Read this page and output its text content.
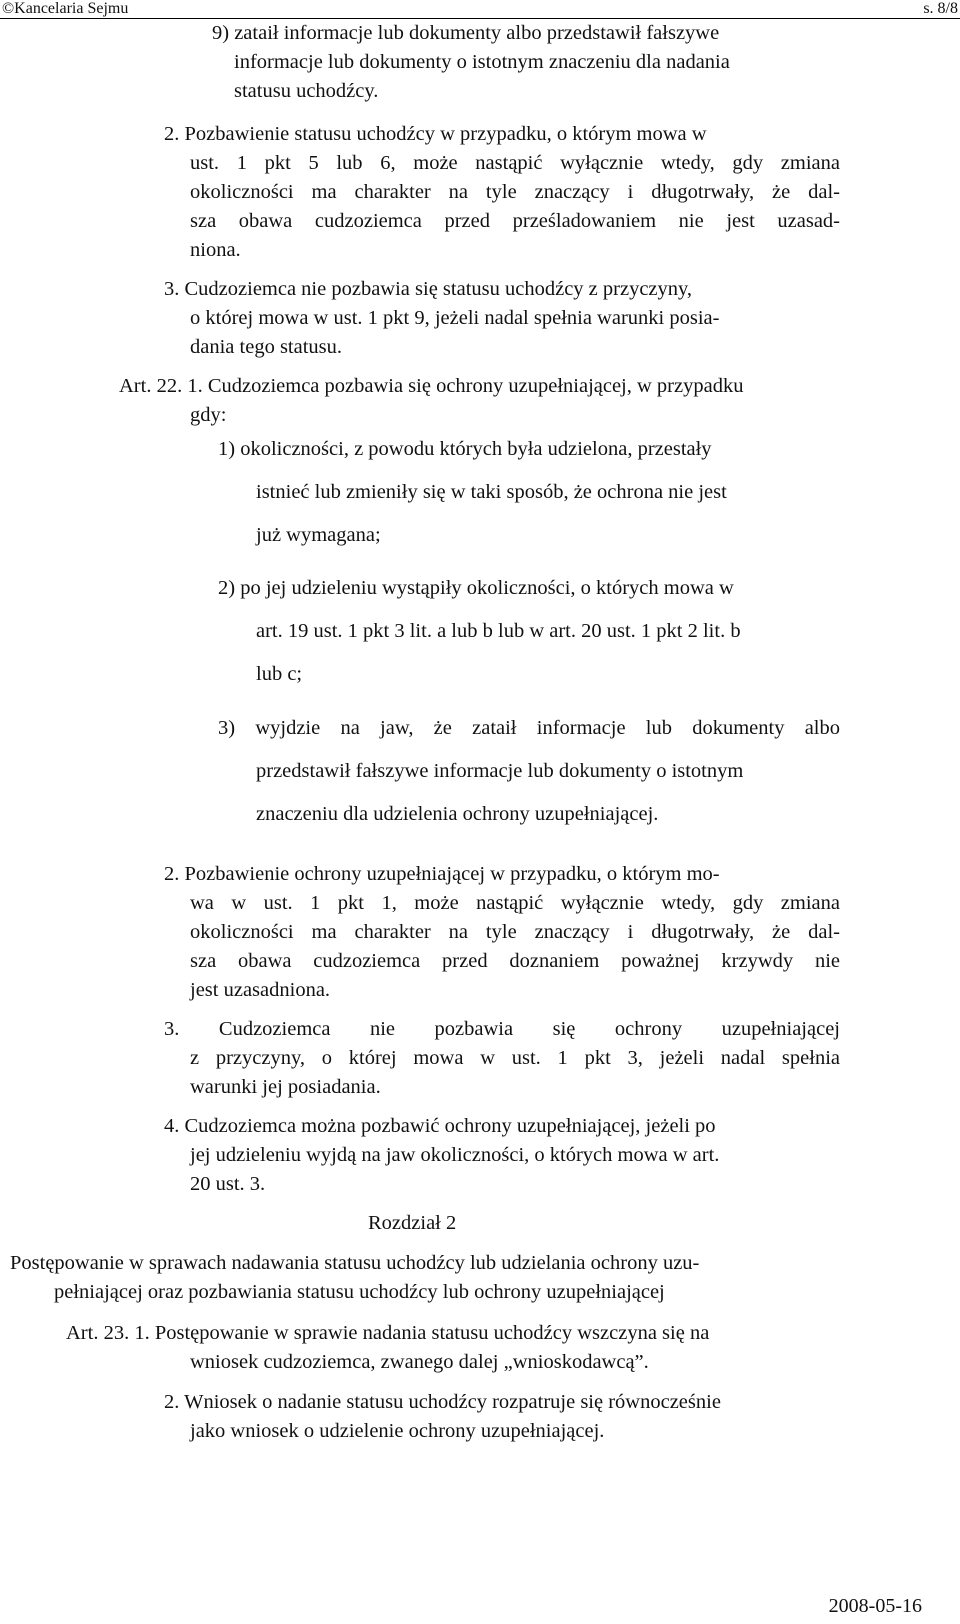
©Kancelaria Sejmu	s. 8/8
9) zataił informacje lub dokumenty albo przedstawił fałszywe
informacje lub dokumenty o istotnym znaczeniu dla nadania
statusu uchodźcy.
2. Pozbawienie statusu uchodźcy w przypadku, o którym mowa w
ust. 1 pkt 5 lub 6, może nastąpić wyłącznie wtedy, gdy zmiana
okoliczności ma charakter na tyle znaczący i długotrwały, że dal-
sza obawa cudzoziemca przed prześladowaniem nie jest uzasad-
niona.
3. Cudzoziemca nie pozbawia się statusu uchodźcy z przyczyny,
o której mowa w ust. 1 pkt 9, jeżeli nadal spełnia warunki posia-
dania tego statusu.
Art. 22. 1. Cudzoziemca pozbawia się ochrony uzupełniającej, w przypadku
gdy:
1) okoliczności, z powodu których była udzielona, przestały
istnieć lub zmieniły się w taki sposób, że ochrona nie jest
już wymagana;
2) po jej udzieleniu wystąpiły okoliczności, o których mowa w
art. 19 ust. 1 pkt 3 lit. a lub b lub w art. 20 ust. 1 pkt 2 lit. b
lub c;
3) wyjdzie na jaw, że zataił informacje lub dokumenty albo
przedstawił fałszywe informacje lub dokumenty o istotnym
znaczeniu dla udzielenia ochrony uzupełniającej.
2. Pozbawienie ochrony uzupełniającej w przypadku, o którym mo-
wa w ust. 1 pkt 1, może nastąpić wyłącznie wtedy, gdy zmiana
okoliczności ma charakter na tyle znaczący i długotrwały, że dal-
sza obawa cudzoziemca przed doznaniem poważnej krzywdy nie
jest uzasadniona.
3. Cudzoziemca nie pozbawia się ochrony uzupełniającej
z przyczyny, o której mowa w ust. 1 pkt 3, jeżeli nadal spełnia
warunki jej posiadania.
4. Cudzoziemca można pozbawić ochrony uzupełniającej, jeżeli po
jej udzieleniu wyjdą na jaw okoliczności, o których mowa w art.
20 ust. 3.
Rozdział 2
Postępowanie w sprawach nadawania statusu uchodźcy lub udzielania ochrony uzu-
pełniającej oraz pozbawiania statusu uchodźcy lub ochrony uzupełniającej
Art. 23. 1. Postępowanie w sprawie nadania statusu uchodźcy wszczyna się na
wniosek cudzoziemca, zwanego dalej „wnioskodawcą”.
2. Wniosek o nadanie statusu uchodźcy rozpatruje się równocześnie
jako wniosek o udzielenie ochrony uzupełniającej.
2008-05-16
